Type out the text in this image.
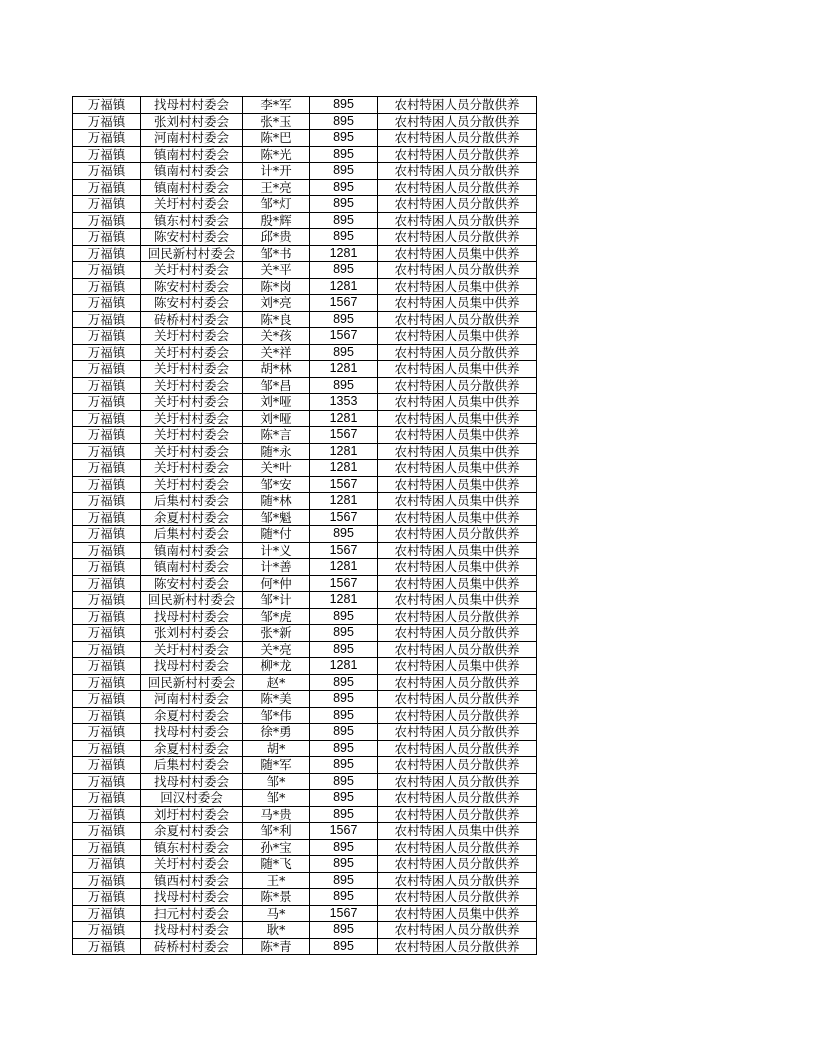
万福镇	找母村村委会	李*军	895	农村特困人员分散供养
万福镇	张刘村村委会	张*玉	895	农村特困人员分散供养
万福镇	河南村村委会	陈*巴	895	农村特困人员分散供养
万福镇	镇南村村委会	陈*光	895	农村特困人员分散供养
万福镇	镇南村村委会	计*开	895	农村特困人员分散供养
万福镇	镇南村村委会	王*亮	895	农村特困人员分散供养
万福镇	关圩村村委会	邹*灯	895	农村特困人员分散供养
万福镇	镇东村村委会	殷*辉	895	农村特困人员分散供养
万福镇	陈安村村委会	邱*贵	895	农村特困人员分散供养
万福镇	回民新村村委会	邹*书	1281	农村特困人员集中供养
万福镇	关圩村村委会	关*平	895	农村特困人员分散供养
万福镇	陈安村村委会	陈*岗	1281	农村特困人员集中供养
万福镇	陈安村村委会	刘*亮	1567	农村特困人员集中供养
万福镇	砖桥村村委会	陈*良	895	农村特困人员分散供养
万福镇	关圩村村委会	关*孩	1567	农村特困人员集中供养
万福镇	关圩村村委会	关*祥	895	农村特困人员分散供养
万福镇	关圩村村委会	胡*林	1281	农村特困人员集中供养
万福镇	关圩村村委会	邹*昌	895	农村特困人员分散供养
万福镇	关圩村村委会	刘*哑	1353	农村特困人员集中供养
万福镇	关圩村村委会	刘*哑	1281	农村特困人员集中供养
万福镇	关圩村村委会	陈*言	1567	农村特困人员集中供养
万福镇	关圩村村委会	随*永	1281	农村特困人员集中供养
万福镇	关圩村村委会	关*叶	1281	农村特困人员集中供养
万福镇	关圩村村委会	邹*安	1567	农村特困人员集中供养
万福镇	后集村村委会	随*林	1281	农村特困人员集中供养
万福镇	余夏村村委会	邹*魁	1567	农村特困人员集中供养
万福镇	后集村村委会	随*付	895	农村特困人员分散供养
万福镇	镇南村村委会	计*义	1567	农村特困人员集中供养
万福镇	镇南村村委会	计*善	1281	农村特困人员集中供养
万福镇	陈安村村委会	何*仲	1567	农村特困人员集中供养
万福镇	回民新村村委会	邹*计	1281	农村特困人员集中供养
万福镇	找母村村委会	邹*虎	895	农村特困人员分散供养
万福镇	张刘村村委会	张*新	895	农村特困人员分散供养
万福镇	关圩村村委会	关*亮	895	农村特困人员分散供养
万福镇	找母村村委会	柳*龙	1281	农村特困人员集中供养
万福镇	回民新村村委会	赵*	895	农村特困人员分散供养
万福镇	河南村村委会	陈*美	895	农村特困人员分散供养
万福镇	余夏村村委会	邹*伟	895	农村特困人员分散供养
万福镇	找母村村委会	徐*勇	895	农村特困人员分散供养
万福镇	余夏村村委会	胡*	895	农村特困人员分散供养
万福镇	后集村村委会	随*军	895	农村特困人员分散供养
万福镇	找母村村委会	邹*	895	农村特困人员分散供养
万福镇	回汉村委会	邹*	895	农村特困人员分散供养
万福镇	刘圩村村委会	马*贵	895	农村特困人员分散供养
万福镇	余夏村村委会	邹*利	1567	农村特困人员集中供养
万福镇	镇东村村委会	孙*宝	895	农村特困人员分散供养
万福镇	关圩村村委会	随*飞	895	农村特困人员分散供养
万福镇	镇西村村委会	王*	895	农村特困人员分散供养
万福镇	找母村村委会	陈*景	895	农村特困人员分散供养
万福镇	扫元村村委会	马*	1567	农村特困人员集中供养
万福镇	找母村村委会	耿*	895	农村特困人员分散供养
万福镇	砖桥村村委会	陈*青	895	农村特困人员分散供养
